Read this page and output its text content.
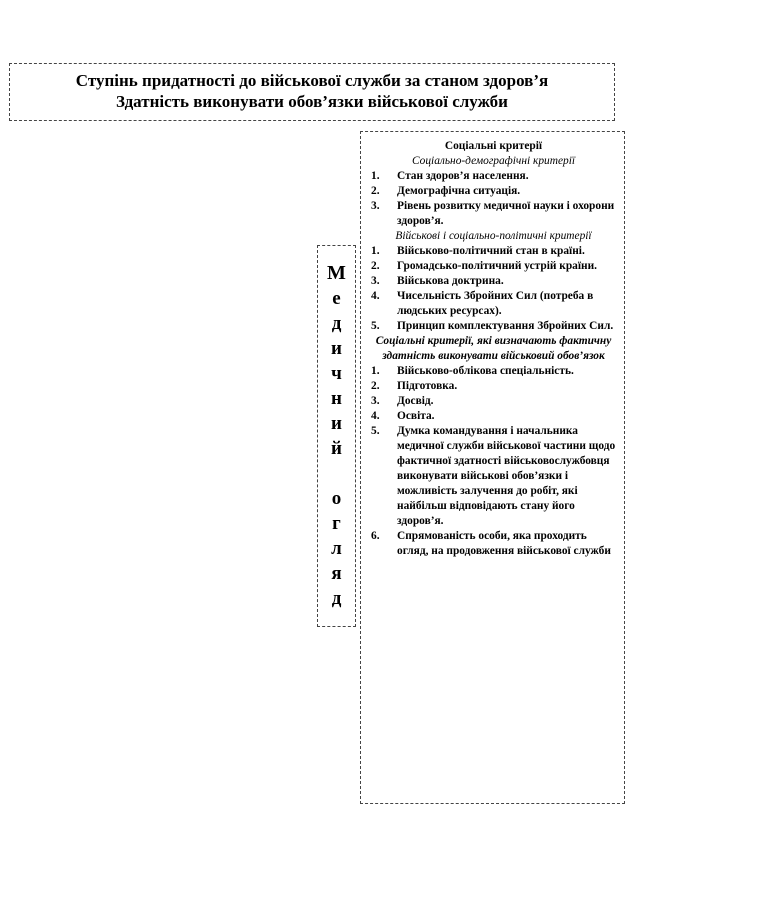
Ступінь придатності до військової служби за станом здоров’я
Здатність виконувати обов’язки військової служби
М
е
д
и
ч
н
и
й
о
г
л
я
д
Соціальні критерії
Соціально-демографічні критерії
1.	Стан здоров’я населення.
2.	Демографічна ситуація.
3.	Рівень розвитку медичної науки і охорони здоров’я.
Військові і соціально-політичні критерії
1.	Військово-політичний стан в країні.
2.	Громадсько-політичний устрій країни.
3.	Військова доктрина.
4.	Чисельність Збройних Сил (потреба в людських ресурсах).
5.	Принцип комплектування Збройних Сил.
Соціальні критерії, які визначають фактичну здатність виконувати військовий обов’язок
1.	Військово-облікова спеціальність.
2.	Підготовка.
3.	Досвід.
4.	Освіта.
5.	Думка командування і начальника медичної служби військової частини щодо фактичної здатності військовослужбовця виконувати військові обов’язки і можливість залучення до робіт, які найбільш відповідають стану його здоров’я.
6.	Спрямованість особи, яка проходить огляд, на продовження військової служби
